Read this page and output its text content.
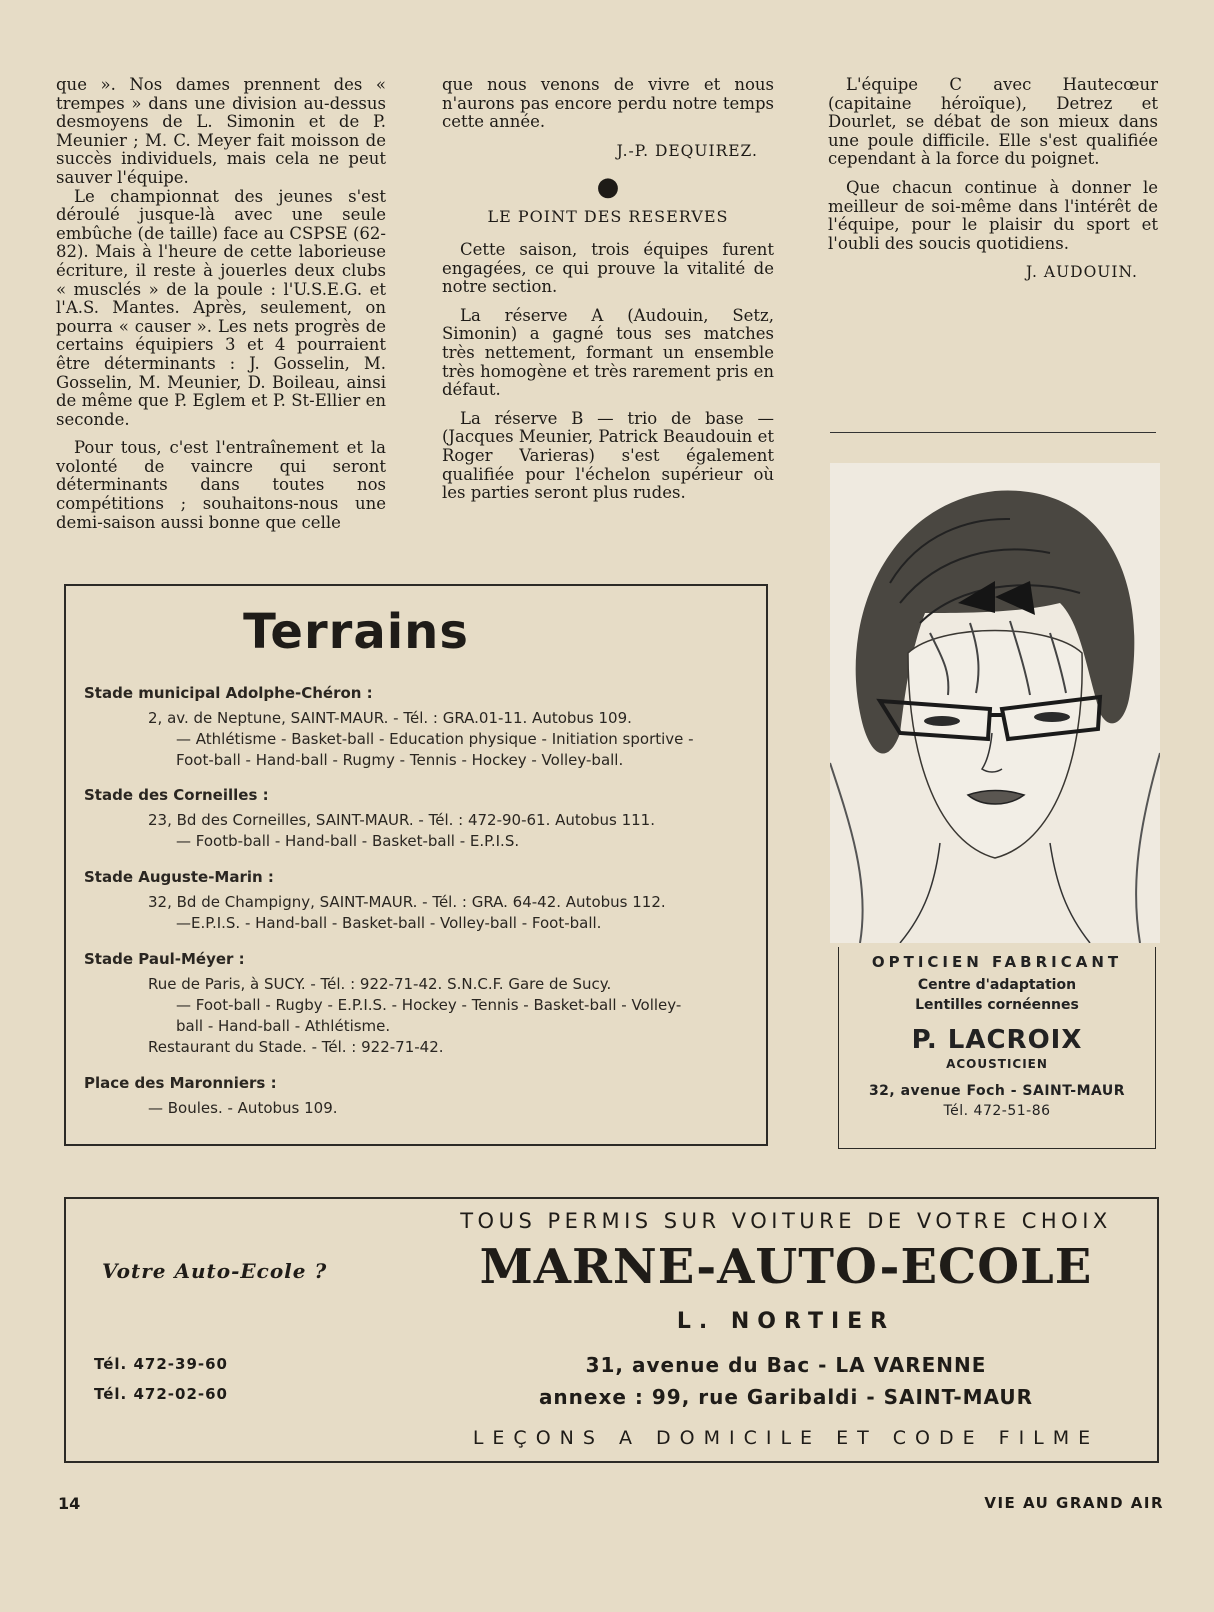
que ». Nos dames prennent des « trempes » dans une division au-dessus desmoyens de L. Simonin et de P. Meunier ; M. C. Meyer fait moisson de succès individuels, mais cela ne peut sauver l'équipe.

Le championnat des jeunes s'est déroulé jusque-là avec une seule embûche (de taille) face au CSPSE (62-82). Mais à l'heure de cette laborieuse écriture, il reste à jouerles deux clubs « musclés » de la poule : l'U.S.E.G. et l'A.S. Mantes. Après, seulement, on pourra « causer ». Les nets progrès de certains équipiers 3 et 4 pourraient être déterminants : J. Gosselin, M. Gosselin, M. Meunier, D. Boileau, ainsi de même que P. Eglem et P. St-Ellier en seconde.

Pour tous, c'est l'entraînement et la volonté de vaincre qui seront déterminants dans toutes nos compétitions ; souhaitons-nous une demi-saison aussi bonne que celle

que nous venons de vivre et nous n'aurons pas encore perdu notre temps cette année.

J.-P. DEQUIREZ.
●
LE POINT DES RESERVES

Cette saison, trois équipes furent engagées, ce qui prouve la vitalité de notre section.

La réserve A (Audouin, Setz, Simonin) a gagné tous ses matches très nettement, formant un ensemble très homogène et très rarement pris en défaut.

La réserve B — trio de base — (Jacques Meunier, Patrick Beaudouin et Roger Varieras) s'est également qualifiée pour l'échelon supérieur où les parties seront plus rudes.

L'équipe C avec Hautecœur (capitaine héroïque), Detrez et Dourlet, se débat de son mieux dans une poule difficile. Elle s'est qualifiée cependant à la force du poignet.

Que chacun continue à donner le meilleur de soi-même dans l'intérêt de l'équipe, pour le plaisir du sport et l'oubli des soucis quotidiens.

J. AUDOUIN.
Terrains
Stade municipal Adolphe-Chéron :
2, av. de Neptune, SAINT-MAUR. - Tél. : GRA.01-11. Autobus 109.
— Athlétisme - Basket-ball - Education physique - Initiation sportive -
Foot-ball - Hand-ball - Rugmy - Tennis - Hockey - Volley-ball.
Stade des Corneilles :
23, Bd des Corneilles, SAINT-MAUR. - Tél. : 472-90-61. Autobus 111.
— Footb-ball - Hand-ball - Basket-ball - E.P.I.S.
Stade Auguste-Marin :
32, Bd de Champigny, SAINT-MAUR. - Tél. : GRA. 64-42. Autobus 112.
—E.P.I.S. - Hand-ball - Basket-ball - Volley-ball - Foot-ball.
Stade Paul-Méyer :
Rue de Paris, à SUCY. - Tél. : 922-71-42. S.N.C.F. Gare de Sucy.
— Foot-ball - Rugby - E.P.I.S. - Hockey - Tennis - Basket-ball - Volley-
ball - Hand-ball - Athlétisme.
Restaurant du Stade. - Tél. : 922-71-42.
Place des Maronniers :
— Boules. - Autobus 109.
OPTICIEN FABRICANT
Centre d'adaptation
Lentilles cornéennes
P. LACROIX
ACOUSTICIEN
32, avenue Foch - SAINT-MAUR
Tél. 472-51-86
Votre Auto-Ecole ?
Tél. 472-39-60
Tél. 472-02-60
TOUS PERMIS SUR VOITURE DE VOTRE CHOIX
MARNE-AUTO-ECOLE
L. NORTIER
31, avenue du Bac - LA VARENNE
annexe : 99, rue Garibaldi - SAINT-MAUR
LEÇONS A DOMICILE ET CODE FILME
14	VIE AU GRAND AIR
